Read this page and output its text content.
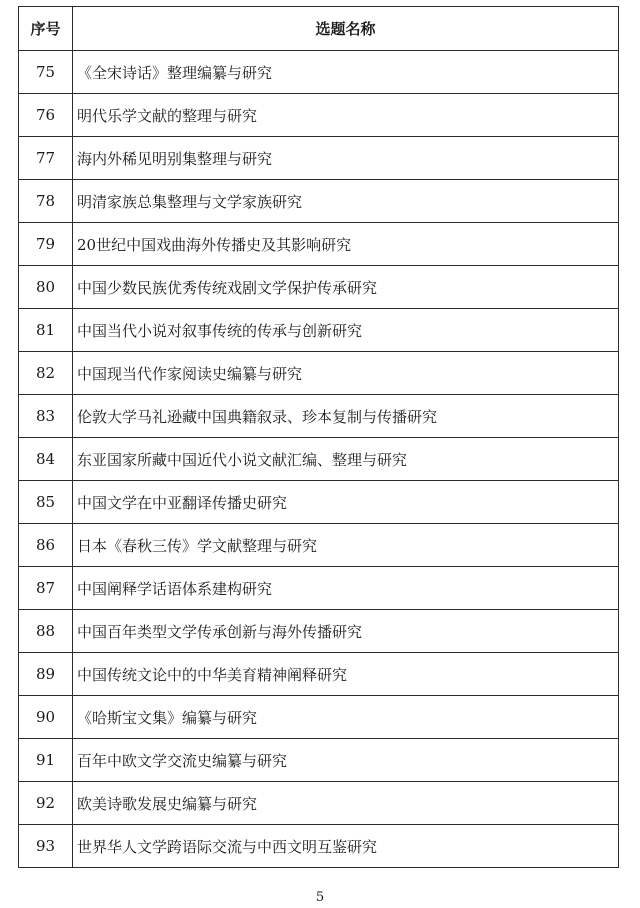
序号	选题名称
75	《全宋诗话》整理编纂与研究
76	明代乐学文献的整理与研究
77	海内外稀见明别集整理与研究
78	明清家族总集整理与文学家族研究
79	20世纪中国戏曲海外传播史及其影响研究
80	中国少数民族优秀传统戏剧文学保护传承研究
81	中国当代小说对叙事传统的传承与创新研究
82	中国现当代作家阅读史编纂与研究
83	伦敦大学马礼逊藏中国典籍叙录、珍本复制与传播研究
84	东亚国家所藏中国近代小说文献汇编、整理与研究
85	中国文学在中亚翻译传播史研究
86	日本《春秋三传》学文献整理与研究
87	中国阐释学话语体系建构研究
88	中国百年类型文学传承创新与海外传播研究
89	中国传统文论中的中华美育精神阐释研究
90	《哈斯宝文集》编纂与研究
91	百年中欧文学交流史编纂与研究
92	欧美诗歌发展史编纂与研究
93	世界华人文学跨语际交流与中西文明互鉴研究
5
